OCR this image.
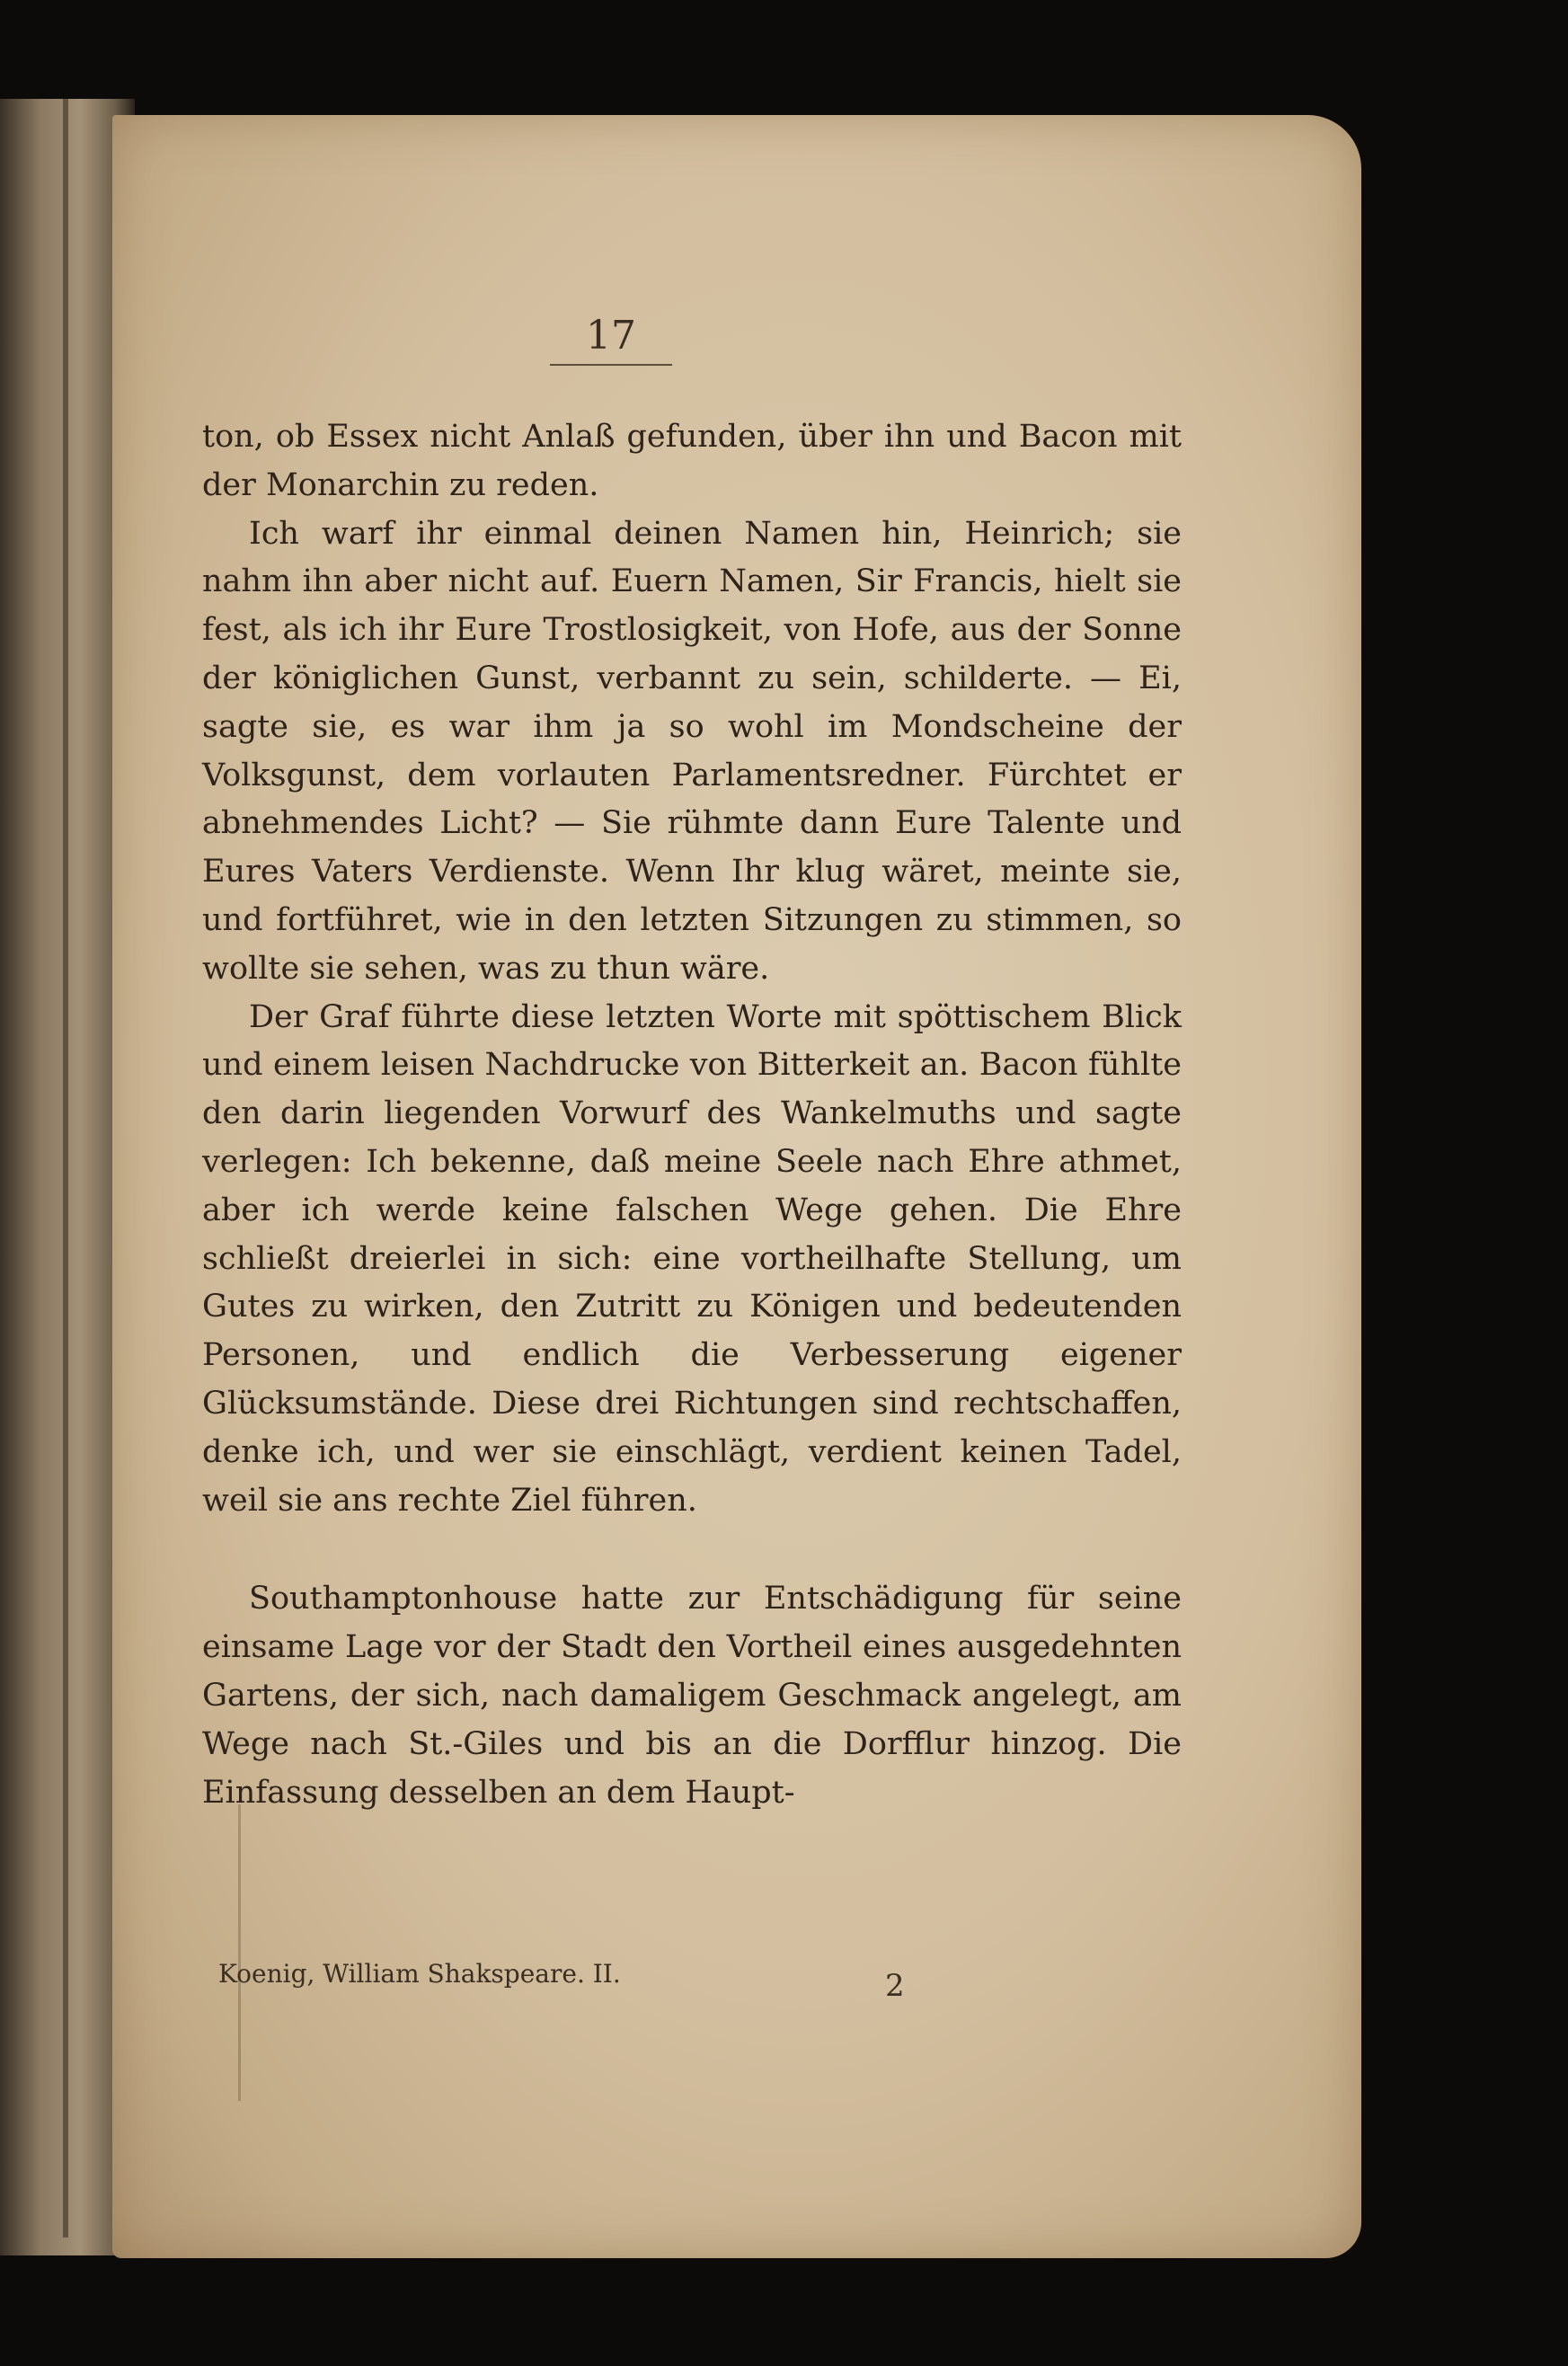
17

ton, ob Essex nicht Anlaß gefunden, über ihn und Bacon mit der Monarchin zu reden.

Ich warf ihr einmal deinen Namen hin, Heinrich; sie nahm ihn aber nicht auf. Euern Namen, Sir Francis, hielt sie fest, als ich ihr Eure Trostlosigkeit, von Hofe, aus der Sonne der königlichen Gunst, verbannt zu sein, schilderte. — Ei, sagte sie, es war ihm ja so wohl im Mondscheine der Volksgunst, dem vorlauten Parlamentsredner. Fürchtet er abnehmendes Licht? — Sie rühmte dann Eure Talente und Eures Vaters Verdienste. Wenn Ihr klug wäret, meinte sie, und fortführet, wie in den letzten Sitzungen zu stimmen, so wollte sie sehen, was zu thun wäre.

Der Graf führte diese letzten Worte mit spöttischem Blick und einem leisen Nachdrucke von Bitterkeit an. Bacon fühlte den darin liegenden Vorwurf des Wankelmuths und sagte verlegen: Ich bekenne, daß meine Seele nach Ehre athmet, aber ich werde keine falschen Wege gehen. Die Ehre schließt dreierlei in sich: eine vortheilhafte Stellung, um Gutes zu wirken, den Zutritt zu Königen und bedeutenden Personen, und endlich die Verbesserung eigener Glücksumstände. Diese drei Richtungen sind rechtschaffen, denke ich, und wer sie einschlägt, verdient keinen Tadel, weil sie ans rechte Ziel führen.

Southamptonhouse hatte zur Entschädigung für seine einsame Lage vor der Stadt den Vortheil eines ausgedehnten Gartens, der sich, nach damaligem Geschmack angelegt, am Wege nach St.-Giles und bis an die Dorfflur hinzog. Die Einfassung desselben an dem Haupt-

Koenig, William Shakspeare. II.	2
